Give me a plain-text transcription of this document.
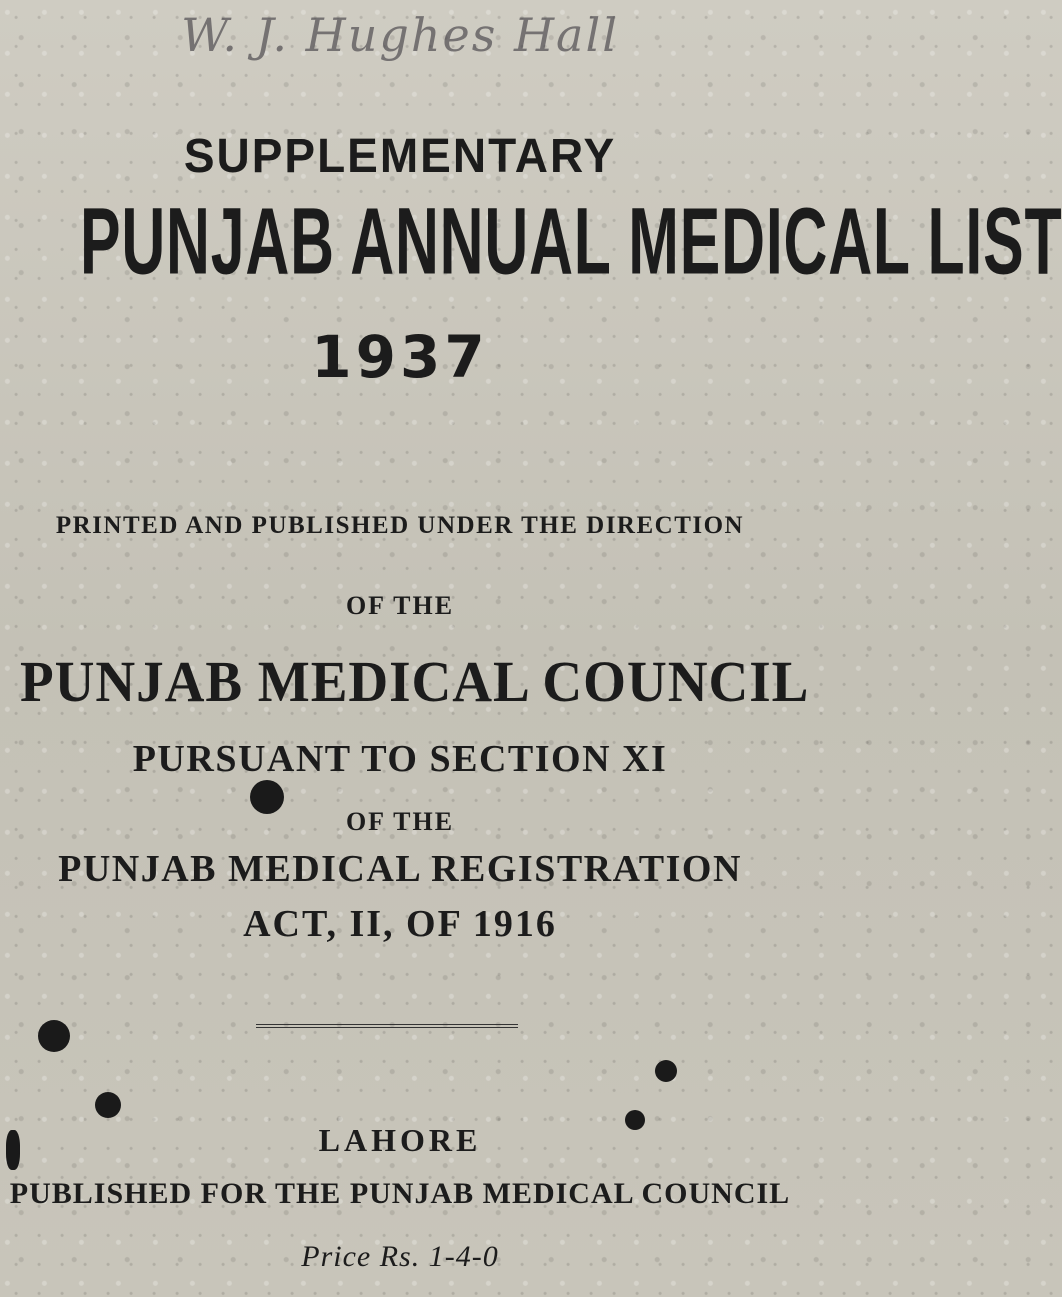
W. J. Hughes Hall
SUPPLEMENTARY
PUNJAB ANNUAL MEDICAL LIST
1937
PRINTED AND PUBLISHED UNDER THE DIRECTION
OF THE
PUNJAB MEDICAL COUNCIL
PURSUANT TO SECTION XI
OF THE
PUNJAB MEDICAL REGISTRATION
ACT, II, OF 1916
LAHORE
PUBLISHED FOR THE PUNJAB MEDICAL COUNCIL
Price Rs. 1-4-0
